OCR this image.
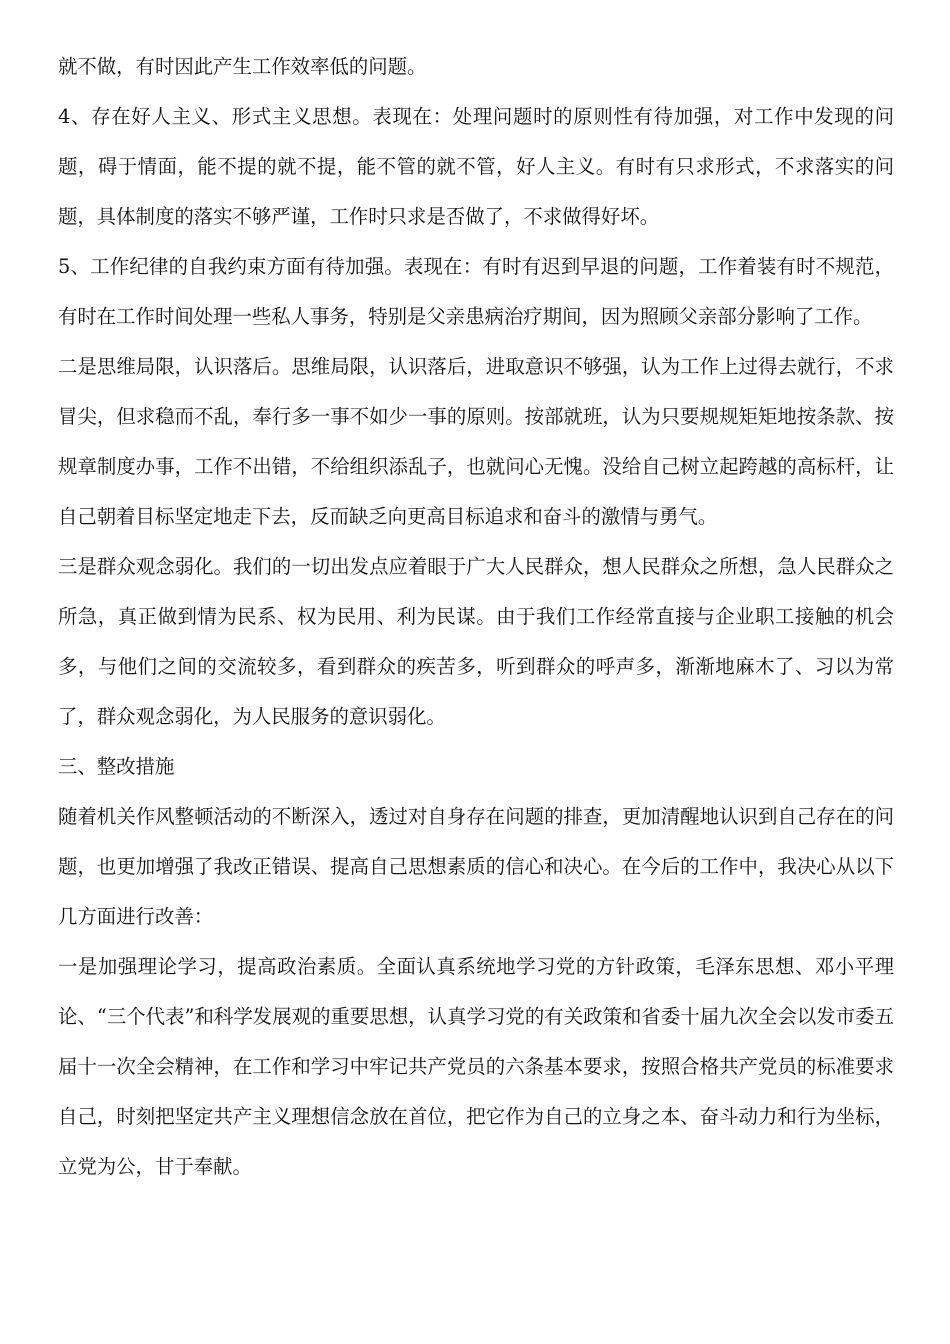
就不做，有时因此产生工作效率低的问题。

4、存在好人主义、形式主义思想。表现在：处理问题时的原则性有待加强，对工作中发现的问题，碍于情面，能不提的就不提，能不管的就不管，好人主义。有时有只求形式，不求落实的问题，具体制度的落实不够严谨，工作时只求是否做了，不求做得好坏。

5、工作纪律的自我约束方面有待加强。表现在：有时有迟到早退的问题，工作着装有时不规范，有时在工作时间处理一些私人事务，特别是父亲患病治疗期间，因为照顾父亲部分影响了工作。

二是思维局限，认识落后。思维局限，认识落后，进取意识不够强，认为工作上过得去就行，不求冒尖，但求稳而不乱，奉行多一事不如少一事的原则。按部就班，认为只要规规矩矩地按条款、按规章制度办事，工作不出错，不给组织添乱子，也就问心无愧。没给自己树立起跨越的高标杆，让自己朝着目标坚定地走下去，反而缺乏向更高目标追求和奋斗的激情与勇气。

三是群众观念弱化。我们的一切出发点应着眼于广大人民群众，想人民群众之所想，急人民群众之所急，真正做到情为民系、权为民用、利为民谋。由于我们工作经常直接与企业职工接触的机会多，与他们之间的交流较多，看到群众的疾苦多，听到群众的呼声多，渐渐地麻木了、习以为常了，群众观念弱化，为人民服务的意识弱化。

三、整改措施

随着机关作风整顿活动的不断深入，透过对自身存在问题的排查，更加清醒地认识到自己存在的问题，也更加增强了我改正错误、提高自己思想素质的信心和决心。在今后的工作中，我决心从以下几方面进行改善：

一是加强理论学习，提高政治素质。全面认真系统地学习党的方针政策，毛泽东思想、邓小平理论、“三个代表”和科学发展观的重要思想，认真学习党的有关政策和省委十届九次全会以发市委五届十一次全会精神，在工作和学习中牢记共产党员的六条基本要求，按照合格共产党员的标准要求自己，时刻把坚定共产主义理想信念放在首位，把它作为自己的立身之本、奋斗动力和行为坐标，立党为公，甘于奉献。
